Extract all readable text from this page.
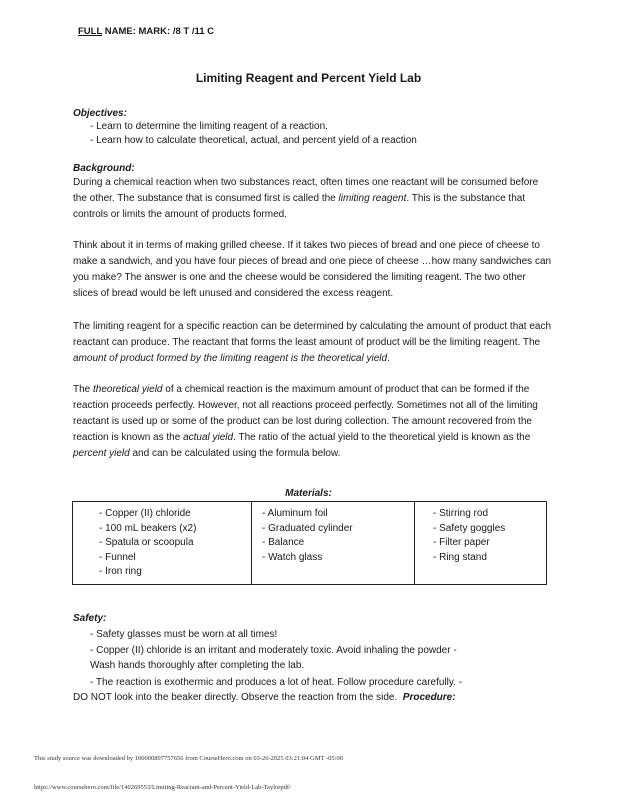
FULL NAME: MARK: /8 T /11 C
Limiting Reagent and Percent Yield Lab
Objectives:
- Learn to determine the limiting reagent of a reaction.
- Learn how to calculate theoretical, actual, and percent yield of a reaction
Background:

During a chemical reaction when two substances react, often times one reactant will be consumed before the other. The substance that is consumed first is called the limiting reagent. This is the substance that controls or limits the amount of products formed.

Think about it in terms of making grilled cheese. If it takes two pieces of bread and one piece of cheese to make a sandwich, and you have four pieces of bread and one piece of cheese …how many sandwiches can you make? The answer is one and the cheese would be considered the limiting reagent. The two other slices of bread would be left unused and considered the excess reagent.

The limiting reagent for a specific reaction can be determined by calculating the amount of product that each reactant can produce. The reactant that forms the least amount of product will be the limiting reagent. The amount of product formed by the limiting reagent is the theoretical yield.

The theoretical yield of a chemical reaction is the maximum amount of product that can be formed if the reaction proceeds perfectly. However, not all reactions proceed perfectly. Sometimes not all of the limiting reactant is used up or some of the product can be lost during collection. The amount recovered from the reaction is known as the actual yield. The ratio of the actual yield to the theoretical yield is known as the percent yield and can be calculated using the formula below.

Materials:
- Copper (II) chloride
- 100 mL beakers (x2)
- Spatula or scoopula
- Funnel
- Iron ring

- Aluminum foil
- Graduated cylinder
- Balance
- Watch glass

- Stirring rod
- Safety goggles
- Filter paper
- Ring stand
Safety:
- Safety glasses must be worn at all times!
- Copper (II) chloride is an irritant and moderately toxic. Avoid inhaling the powder -
Wash hands thoroughly after completing the lab.
- The reaction is exothermic and produces a lot of heat. Follow procedure carefully. -
DO NOT look into the beaker directly. Observe the reaction from the side. Procedure:
This study source was downloaded by 100000897757656 from CourseHero.com on 03-26-2025 03:21:04 GMT -05:00
https://www.coursehero.com/file/140269553/Limiting-Reactant-and-Percent-Yield-Lab-Taylorpdf/
